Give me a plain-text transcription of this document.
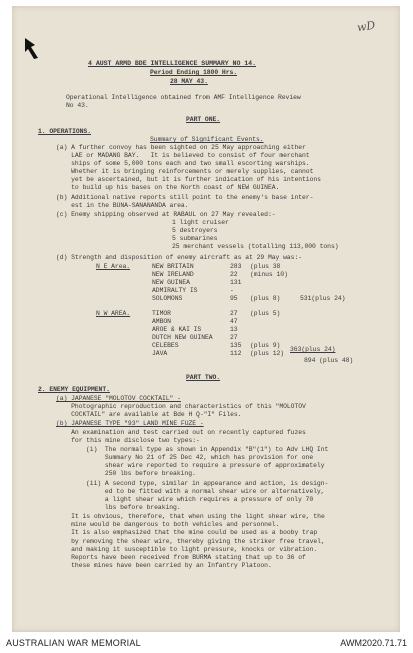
wD
4 AUST ARMD BDE INTELLIGENCE SUMMARY NO 14.
Period Ending 1800 Hrs.
28 MAY 43.
Operational Intelligence obtained from AMF Intelligence Review
No 43.
PART ONE.
1. OPERATIONS.
Summary of Significant Events.
(a) A further convoy has been sighted on 25 May approaching either
LAE or MADANG BAY.   It is believed to consist of four merchant
ships of some 5,000 tons each and two small escorting warships.
Whether it is bringing reinforcements or merely supplies, cannot
yet be ascertained, but it is further indication of his intentions
to build up his bases on the North coast of NEW GUINEA.
(b) Additional native reports still point to the enemy's base inter-
est in the BUNA-SANANANDA area.
(c) Enemy shipping observed at RABAUL on 27 May revealed:-
1 light cruiser
5 destroyers
5 submarines
25 merchant vessels (totalling 113,000 tons)
(d) Strength and disposition of enemy aircraft as at 29 May was:-
N E Area.
N W AREA.
NEW BRITAIN	283 (plus 38
NEW IRELAND	22 (minus 10)
NEW GUINEA	131
ADMIRALTY IS	-
SOLOMONS	95 (plus 8)	531(plus 24)
TIMOR	27 (plus 5)
AMBON	47
AROE & KAI IS	13
DUTCH NEW GUINEA	27
CELEBES	135 (plus 9)
JAVA	112 (plus 12)
363(plus 24)
894 (plus 48)
PART TWO.
2. ENEMY EQUIPMENT.
(a) JAPANESE "MOLOTOV COCKTAIL" -
Photographic reproduction and characteristics of this "MOLOTOV
COCKTAIL" are available at Bde H Q-"I" Files.
(b) JAPANESE TYPE "93" LAND MINE FUZE -
An examination and test carried out on recently captured fuzes
for this mine disclose two types:-
(i)  The normal type as shown in Appendix "B"(1") to Adv LHQ Int
Summary No 21 of 25 Dec 42, which has provision for one
shear wire reported to require a pressure of approximately
250 lbs before breaking.
(ii) A second type, similar in appearance and action, is design-
ed to be fitted with a normal shear wire or alternatively,
a light shear wire which requires a pressure of only 70
lbs before breaking.
It is obvious, therefore, that when using the light shear wire, the
mine would be dangerous to both vehicles and personnel.
It is also emphasized that the mine could be used as a booby trap
by removing the shear wire, thereby giving the striker free travel,
and making it susceptible to light pressure, knocks or vibration.
Reports have been received from BURMA stating that up to 36 of
these mines have been carried by an Infantry Platoon.
AUSTRALIAN WAR MEMORIAL	AWM2020.71.71
